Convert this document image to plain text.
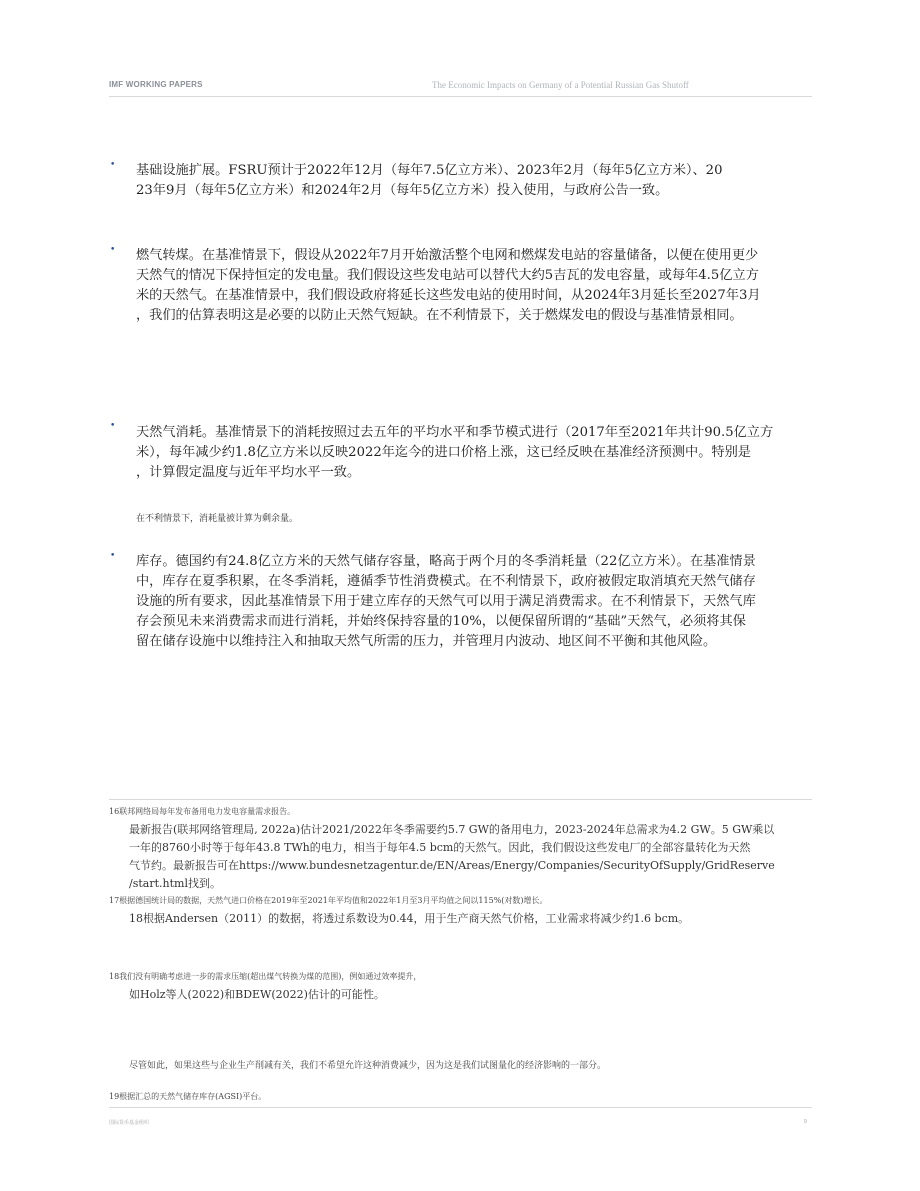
IMF WORKING PAPERS	The Economic Impacts on Germany of a Potential Russian Gas Shutoff
• 基础设施扩展。FSRU预计于2022年12月（每年7.5亿立方米）、2023年2月（每年5亿立方米）、20
23年9月（每年5亿立方米）和2024年2月（每年5亿立方米）投入使用，与政府公告一致。
• 燃气转煤。在基准情景下，假设从2022年7月开始激活整个电网和燃煤发电站的容量储备，以便在使用更少
天然气的情况下保持恒定的发电量。我们假设这些发电站可以替代大约5吉瓦的发电容量，或每年4.5亿立方
米的天然气。在基准情景中，我们假设政府将延长这些发电站的使用时间，从2024年3月延长至2027年3月
，我们的估算表明这是必要的以防止天然气短缺。在不利情景下，关于燃煤发电的假设与基准情景相同。
• 天然气消耗。基准情景下的消耗按照过去五年的平均水平和季节模式进行（2017年至2021年共计90.5亿立方
米），每年减少约1.8亿立方米以反映2022年迄今的进口价格上涨，这已经反映在基准经济预测中。特别是
，计算假定温度与近年平均水平一致。
在不利情景下，消耗量被计算为剩余量。
• 库存。德国约有24.8亿立方米的天然气储存容量，略高于两个月的冬季消耗量（22亿立方米）。在基准情景
中，库存在夏季积累，在冬季消耗，遵循季节性消费模式。在不利情景下，政府被假定取消填充天然气储存
设施的所有要求，因此基准情景下用于建立库存的天然气可以用于满足消费需求。在不利情景下，天然气库
存会预见未来消费需求而进行消耗，并始终保持容量的10%，以便保留所谓的“基础”天然气，必须将其保
留在储存设施中以维持注入和抽取天然气所需的压力，并管理月内波动、地区间不平衡和其他风险。
16联邦网络局每年发布备用电力发电容量需求报告。
最新报告(联邦网络管理局, 2022a)估计2021/2022年冬季需要约5.7 GW的备用电力，2023-2024年总需求为4.2 GW。5 GW乘以
一年的8760小时等于每年43.8 TWh的电力，相当于每年4.5 bcm的天然气。因此，我们假设这些发电厂的全部容量转化为天然
气节约。最新报告可在https://www.bundesnetzagentur.de/EN/Areas/Energy/Companies/SecurityOfSupply/GridReserve
/start.html找到。
17根据德国统计局的数据，天然气进口价格在2019年至2021年平均值和2022年1月至3月平均值之间以115%(对数)增长。
18根据Andersen（2011）的数据，将透过系数设为0.44，用于生产商天然气价格，工业需求将减少约1.6 bcm。
18我们没有明确考虑进一步的需求压缩(超出煤气转换为煤的范围)，例如通过效率提升，
如Holz等人(2022)和BDEW(2022)估计的可能性。
尽管如此，如果这些与企业生产削减有关，我们不希望允许这种消费减少，因为这是我们试图量化的经济影响的一部分。
19根据汇总的天然气储存库存(AGSI)平台。
国际货币基金组织	9
